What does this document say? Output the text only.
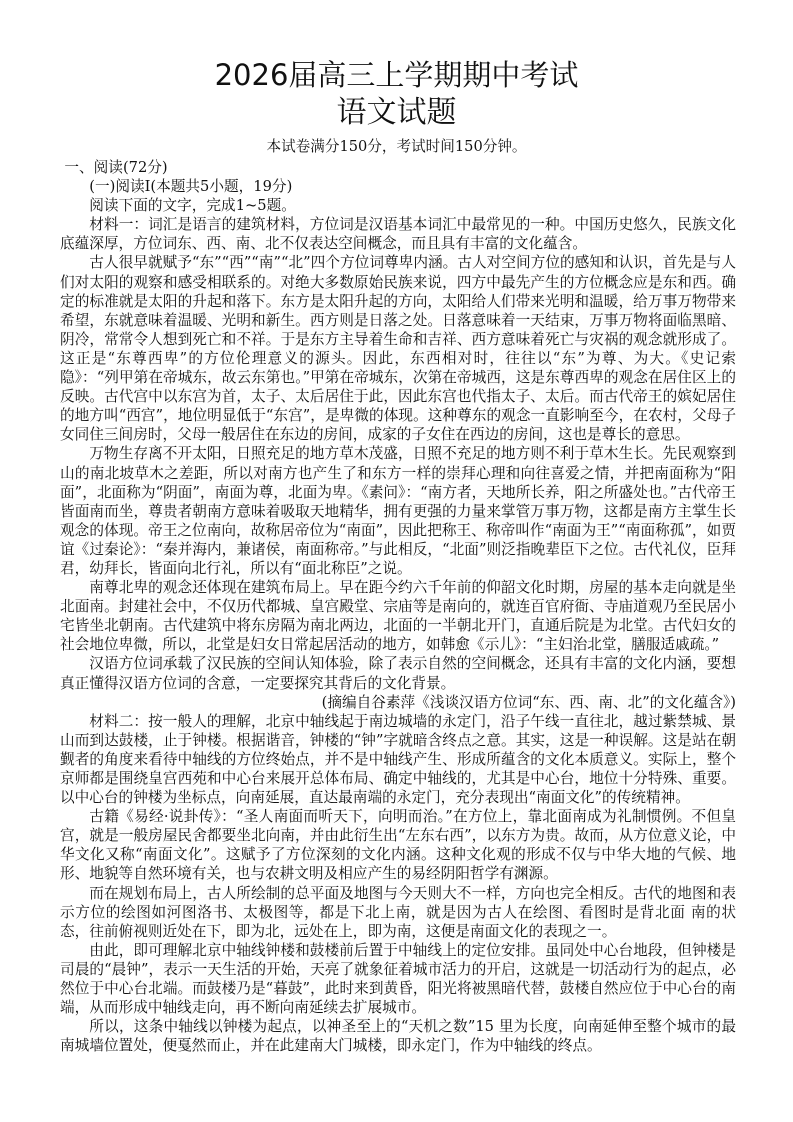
2026届高三上学期期中考试
语文试题
本试卷满分150分，考试时间150分钟。

一、阅读(72分)

(一)阅读Ⅰ(本题共5小题，19分)

阅读下面的文字，完成1~5题。

材料一：词汇是语言的建筑材料，方位词是汉语基本词汇中最常见的一种。中国历史悠久，民族文化底蕴深厚，方位词东、西、南、北不仅表达空间概念，而且具有丰富的文化蕴含。

古人很早就赋予“东”“西”“南”“北”四个方位词尊卑内涵。古人对空间方位的感知和认识，首先是与人们对太阳的观察和感受相联系的。对绝大多数原始民族来说，四方中最先产生的方位概念应是东和西。确定的标准就是太阳的升起和落下。东方是太阳升起的方向，太阳给人们带来光明和温暖，给万事万物带来希望，东就意味着温暖、光明和新生。西方则是日落之处。日落意味着一天结束，万事万物将面临黑暗、阴冷，常常令人想到死亡和不祥。于是东方主导着生命和吉祥、西方意味着死亡与灾祸的观念就形成了。这正是“东尊西卑”的方位伦理意义的源头。因此，东西相对时，往往以“东”为尊、为大。《史记索隐》：“列甲第在帝城东，故云东第也。”甲第在帝城东，次第在帝城西，这是东尊西卑的观念在居住区上的反映。古代宫中以东宫为首，太子、太后居住于此，因此东宫也代指太子、太后。而古代帝王的嫔妃居住的地方叫“西宫”，地位明显低于“东宫”，是卑微的体现。这种尊东的观念一直影响至今，在农村，父母子女同住三间房时，父母一般居住在东边的房间，成家的子女住在西边的房间，这也是尊长的意思。

万物生存离不开太阳，日照充足的地方草木茂盛，日照不充足的地方则不利于草木生长。先民观察到山的南北坡草木之差距，所以对南方也产生了和东方一样的崇拜心理和向往喜爱之情，并把南面称为“阳面”，北面称为“阴面”，南面为尊，北面为卑。《素问》：“南方者，天地所长养，阳之所盛处也。”古代帝王皆面南而坐，尊贵者朝南方意味着吸取天地精华，拥有更强的力量来掌管万事万物，这都是南方主掌生长观念的体现。帝王之位南向，故称居帝位为“南面”，因此把称王、称帝叫作“南面为王”“南面称孤”，如贾谊《过秦论》：“秦并海内，兼诸侯，南面称帝。”与此相反，“北面”则泛指晚辈臣下之位。古代礼仪，臣拜君，幼拜长，皆面向北行礼，所以有“面北称臣”之说。

南尊北卑的观念还体现在建筑布局上。早在距今约六千年前的仰韶文化时期，房屋的基本走向就是坐北面南。封建社会中，不仅历代都城、皇宫殿堂、宗庙等是南向的，就连百官府衙、寺庙道观乃至民居小宅皆坐北朝南。古代建筑中将东房隔为南北两边，北面的一半朝北开门，直通后院是为北堂。古代妇女的社会地位卑微，所以，北堂是妇女日常起居活动的地方，如韩愈《示儿》：“主妇治北堂，膳服适戚疏。”

汉语方位词承载了汉民族的空间认知体验，除了表示自然的空间概念，还具有丰富的文化内涵，要想真正懂得汉语方位词的含意，一定要探究其背后的文化背景。

(摘编自谷素萍《浅谈汉语方位词“东、西、南、北”的文化蕴含》)

材料二：按一般人的理解，北京中轴线起于南边城墙的永定门，沿子午线一直往北，越过紫禁城、景山而到达鼓楼，止于钟楼。根据谐音，钟楼的“钟”字就暗含终点之意。其实，这是一种误解。这是站在朝觐者的角度来看待中轴线的方位终始点，并不是中轴线产生、形成所蕴含的文化本质意义。实际上，整个京师都是围绕皇宫西苑和中心台来展开总体布局、确定中轴线的，尤其是中心台，地位十分特殊、重要。以中心台的钟楼为坐标点，向南延展，直达最南端的永定门，充分表现出“南面文化”的传统精神。

古籍《易经·说卦传》：“圣人南面而听天下，向明而治。”在方位上，靠北面南成为礼制惯例。不但皇宫，就是一般房屋民舍都要坐北向南，并由此衍生出“左东右西”，以东方为贵。故而，从方位意义论，中华文化又称“南面文化”。这赋予了方位深刻的文化内涵。这种文化观的形成不仅与中华大地的气候、地形、地貌等自然环境有关，也与农耕文明及相应产生的易经阴阳哲学有渊源。

而在规划布局上，古人所绘制的总平面及地图与今天则大不一样，方向也完全相反。古代的地图和表示方位的绘图如河图洛书、太极图等，都是下北上南，就是因为古人在绘图、看图时是背北面 南的状态，往前俯视则近处在下，即为北，远处在上，即为南，这便是南面文化的表现之一。

由此，即可理解北京中轴线钟楼和鼓楼前后置于中轴线上的定位安排。虽同处中心台地段，但钟楼是司晨的“晨钟”，表示一天生活的开始，天亮了就象征着城市活力的开启，这就是一切活动行为的起点，必然位于中心台北端。而鼓楼乃是“暮鼓”，此时来到黄昏，阳光将被黑暗代替，鼓楼自然应位于中心台的南端，从而形成中轴线走向，再不断向南延续去扩展城市。

所以，这条中轴线以钟楼为起点，以神圣至上的“天机之数”15 里为长度，向南延伸至整个城市的最南城墙位置处，便戛然而止，并在此建南大门城楼，即永定门，作为中轴线的终点。
